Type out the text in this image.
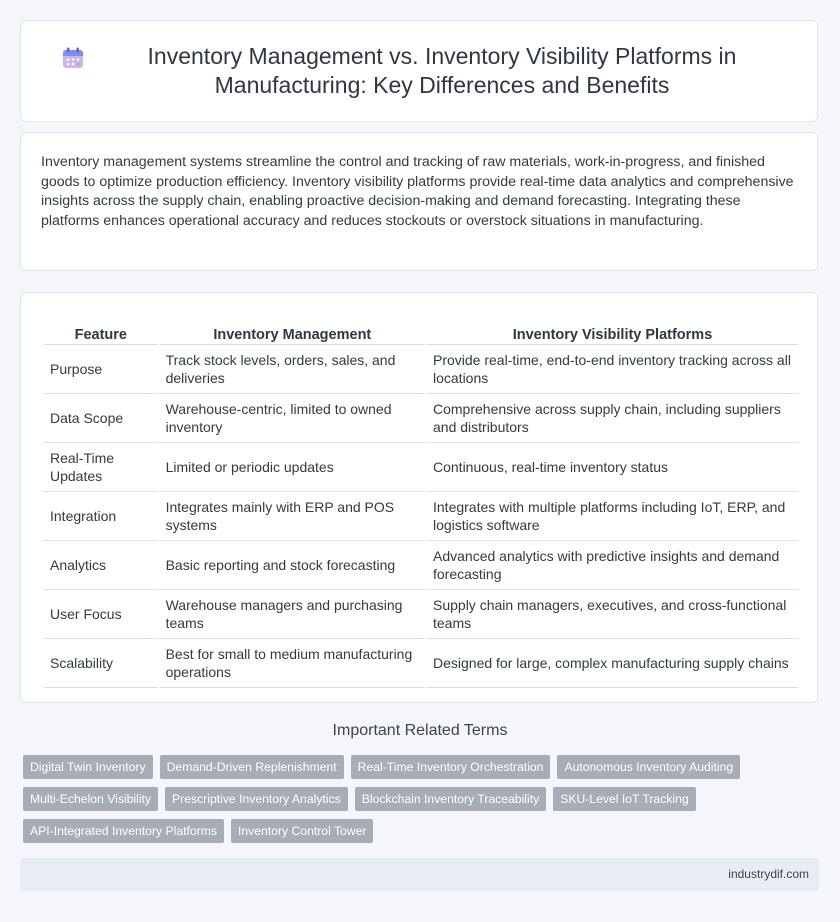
Inventory Management vs. Inventory Visibility Platforms in Manufacturing: Key Differences and Benefits

Inventory management systems streamline the control and tracking of raw materials, work-in-progress, and finished goods to optimize production efficiency. Inventory visibility platforms provide real-time data analytics and comprehensive insights across the supply chain, enabling proactive decision-making and demand forecasting. Integrating these platforms enhances operational accuracy and reduces stockouts or overstock situations in manufacturing.

Feature	Inventory Management	Inventory Visibility Platforms
Purpose	Track stock levels, orders, sales, and deliveries	Provide real-time, end-to-end inventory tracking across all locations
Data Scope	Warehouse-centric, limited to owned inventory	Comprehensive across supply chain, including suppliers and distributors
Real-Time Updates	Limited or periodic updates	Continuous, real-time inventory status
Integration	Integrates mainly with ERP and POS systems	Integrates with multiple platforms including IoT, ERP, and logistics software
Analytics	Basic reporting and stock forecasting	Advanced analytics with predictive insights and demand forecasting
User Focus	Warehouse managers and purchasing teams	Supply chain managers, executives, and cross-functional teams
Scalability	Best for small to medium manufacturing operations	Designed for large, complex manufacturing supply chains
Important Related Terms
Digital Twin Inventory	Demand-Driven Replenishment	Real-Time Inventory Orchestration	Autonomous Inventory Auditing
Multi-Echelon Visibility	Prescriptive Inventory Analytics	Blockchain Inventory Traceability	SKU-Level IoT Tracking
API-Integrated Inventory Platforms	Inventory Control Tower
industrydif.com
